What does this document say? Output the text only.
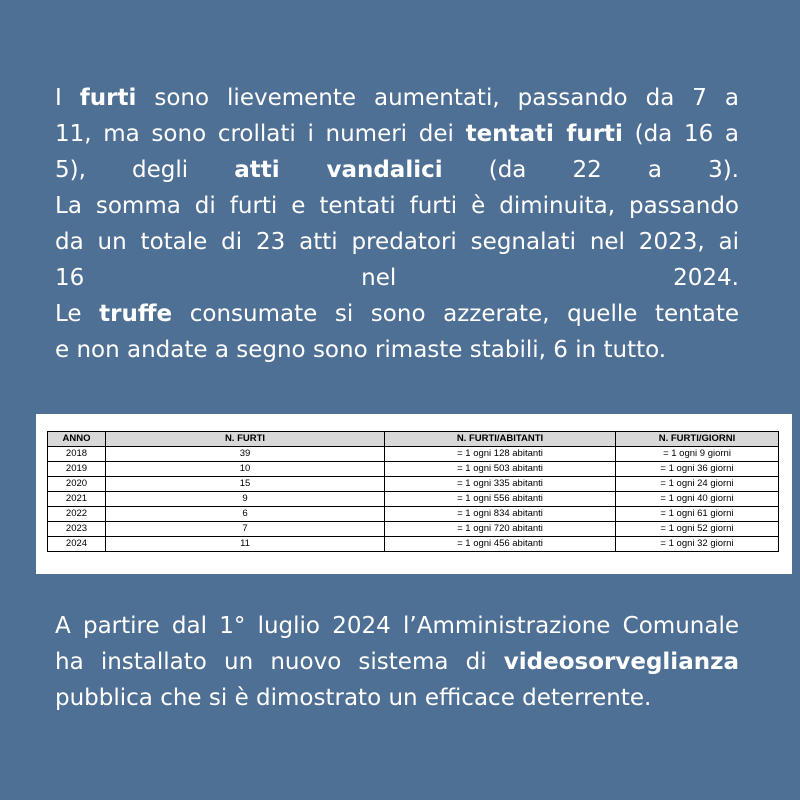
I furti sono lievemente aumentati, passando da 7 a
11, ma sono crollati i numeri dei tentati furti (da 16 a
5), degli atti vandalici (da 22 a 3).
La somma di furti e tentati furti è diminuita, passando
da un totale di 23 atti predatori segnalati nel 2023, ai
16 nel 2024.
Le truffe consumate si sono azzerate, quelle tentate
e non andate a segno sono rimaste stabili, 6 in tutto.
ANNO	N. FURTI	N. FURTI/ABITANTI	N. FURTI/GIORNI
2018	39	= 1 ogni 128 abitanti	= 1 ogni 9 giorni
2019	10	= 1 ogni 503 abitanti	= 1 ogni 36 giorni
2020	15	= 1 ogni 335 abitanti	= 1 ogni 24 giorni
2021	9	= 1 ogni 556 abitanti	= 1 ogni 40 giorni
2022	6	= 1 ogni 834 abitanti	= 1 ogni 61 giorni
2023	7	= 1 ogni 720 abitanti	= 1 ogni 52 giorni
2024	11	= 1 ogni 456 abitanti	= 1 ogni 32 giorni
A partire dal 1° luglio 2024 l’Amministrazione Comunale
ha installato un nuovo sistema di videosorveglianza
pubblica che si è dimostrato un efficace deterrente.
